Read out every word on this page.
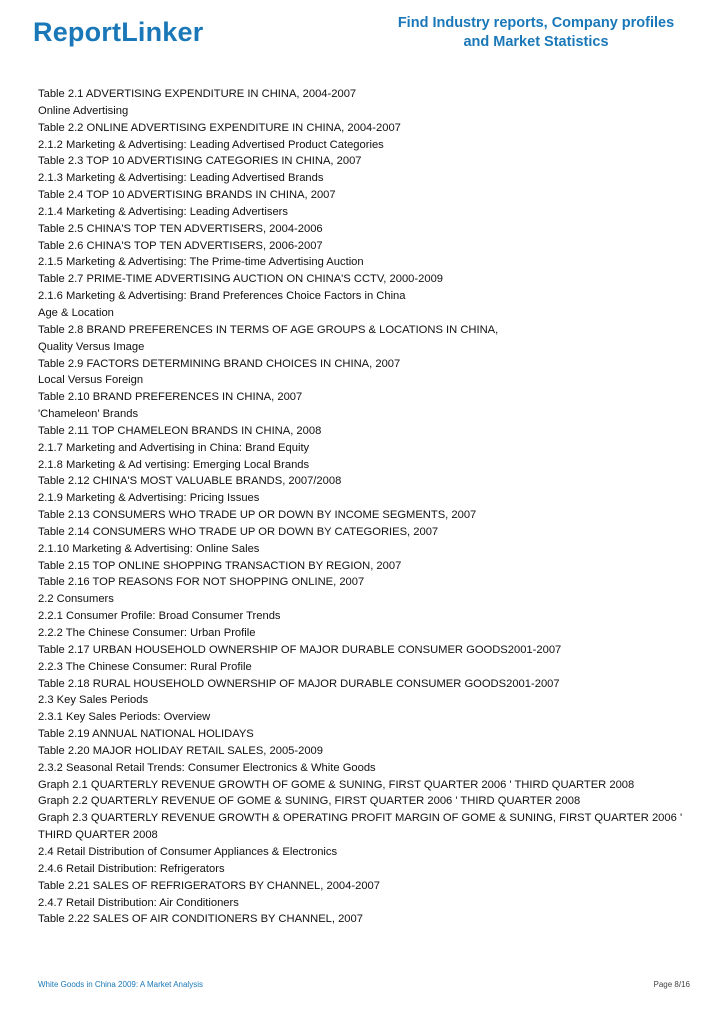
ReportLinker	Find Industry reports, Company profiles
and Market Statistics
Table 2.1 ADVERTISING EXPENDITURE IN CHINA, 2004-2007
Online Advertising
Table 2.2 ONLINE ADVERTISING EXPENDITURE IN CHINA, 2004-2007
2.1.2 Marketing & Advertising: Leading Advertised Product Categories
Table 2.3 TOP 10 ADVERTISING CATEGORIES IN CHINA, 2007
2.1.3 Marketing & Advertising: Leading Advertised Brands
Table 2.4 TOP 10 ADVERTISING BRANDS IN CHINA, 2007
2.1.4 Marketing & Advertising: Leading Advertisers
Table 2.5 CHINA'S TOP TEN ADVERTISERS, 2004-2006
Table 2.6 CHINA'S TOP TEN ADVERTISERS, 2006-2007
2.1.5 Marketing & Advertising: The Prime-time Advertising Auction
Table 2.7 PRIME-TIME ADVERTISING AUCTION ON CHINA'S CCTV, 2000-2009
2.1.6 Marketing & Advertising: Brand Preferences Choice Factors in China
Age & Location
Table 2.8 BRAND PREFERENCES IN TERMS OF AGE GROUPS & LOCATIONS IN CHINA,
Quality Versus Image
Table 2.9 FACTORS DETERMINING BRAND CHOICES IN CHINA, 2007
Local Versus Foreign
Table 2.10 BRAND PREFERENCES IN CHINA, 2007
'Chameleon' Brands
Table 2.11 TOP CHAMELEON BRANDS IN CHINA, 2008
2.1.7 Marketing and Advertising in China: Brand Equity
2.1.8 Marketing & Ad vertising: Emerging Local Brands
Table 2.12 CHINA'S MOST VALUABLE BRANDS, 2007/2008
2.1.9 Marketing & Advertising: Pricing Issues
Table 2.13 CONSUMERS WHO TRADE UP OR DOWN BY INCOME SEGMENTS, 2007
Table 2.14 CONSUMERS WHO TRADE UP OR DOWN BY CATEGORIES, 2007
2.1.10 Marketing & Advertising: Online Sales
Table 2.15 TOP ONLINE SHOPPING TRANSACTION BY REGION, 2007
Table 2.16 TOP REASONS FOR NOT SHOPPING ONLINE, 2007
2.2 Consumers
2.2.1 Consumer Profile: Broad Consumer Trends
2.2.2 The Chinese Consumer: Urban Profile
Table 2.17 URBAN HOUSEHOLD OWNERSHIP OF MAJOR DURABLE CONSUMER GOODS2001-2007
2.2.3 The Chinese Consumer: Rural Profile
Table 2.18 RURAL HOUSEHOLD OWNERSHIP OF MAJOR DURABLE CONSUMER GOODS2001-2007
2.3 Key Sales Periods
2.3.1 Key Sales Periods: Overview
Table 2.19 ANNUAL NATIONAL HOLIDAYS
Table 2.20 MAJOR HOLIDAY RETAIL SALES, 2005-2009
2.3.2 Seasonal Retail Trends: Consumer Electronics & White Goods
Graph 2.1 QUARTERLY REVENUE GROWTH OF GOME & SUNING, FIRST QUARTER 2006 ' THIRD QUARTER 2008
Graph 2.2 QUARTERLY REVENUE OF GOME & SUNING, FIRST QUARTER 2006 ' THIRD QUARTER 2008
Graph 2.3 QUARTERLY REVENUE GROWTH & OPERATING PROFIT MARGIN OF GOME & SUNING, FIRST QUARTER 2006 '
THIRD QUARTER 2008
2.4 Retail Distribution of Consumer Appliances & Electronics
2.4.6 Retail Distribution: Refrigerators
Table 2.21 SALES OF REFRIGERATORS BY CHANNEL, 2004-2007
2.4.7 Retail Distribution: Air Conditioners
Table 2.22 SALES OF AIR CONDITIONERS BY CHANNEL, 2007
White Goods in China 2009: A Market Analysis	Page 8/16
